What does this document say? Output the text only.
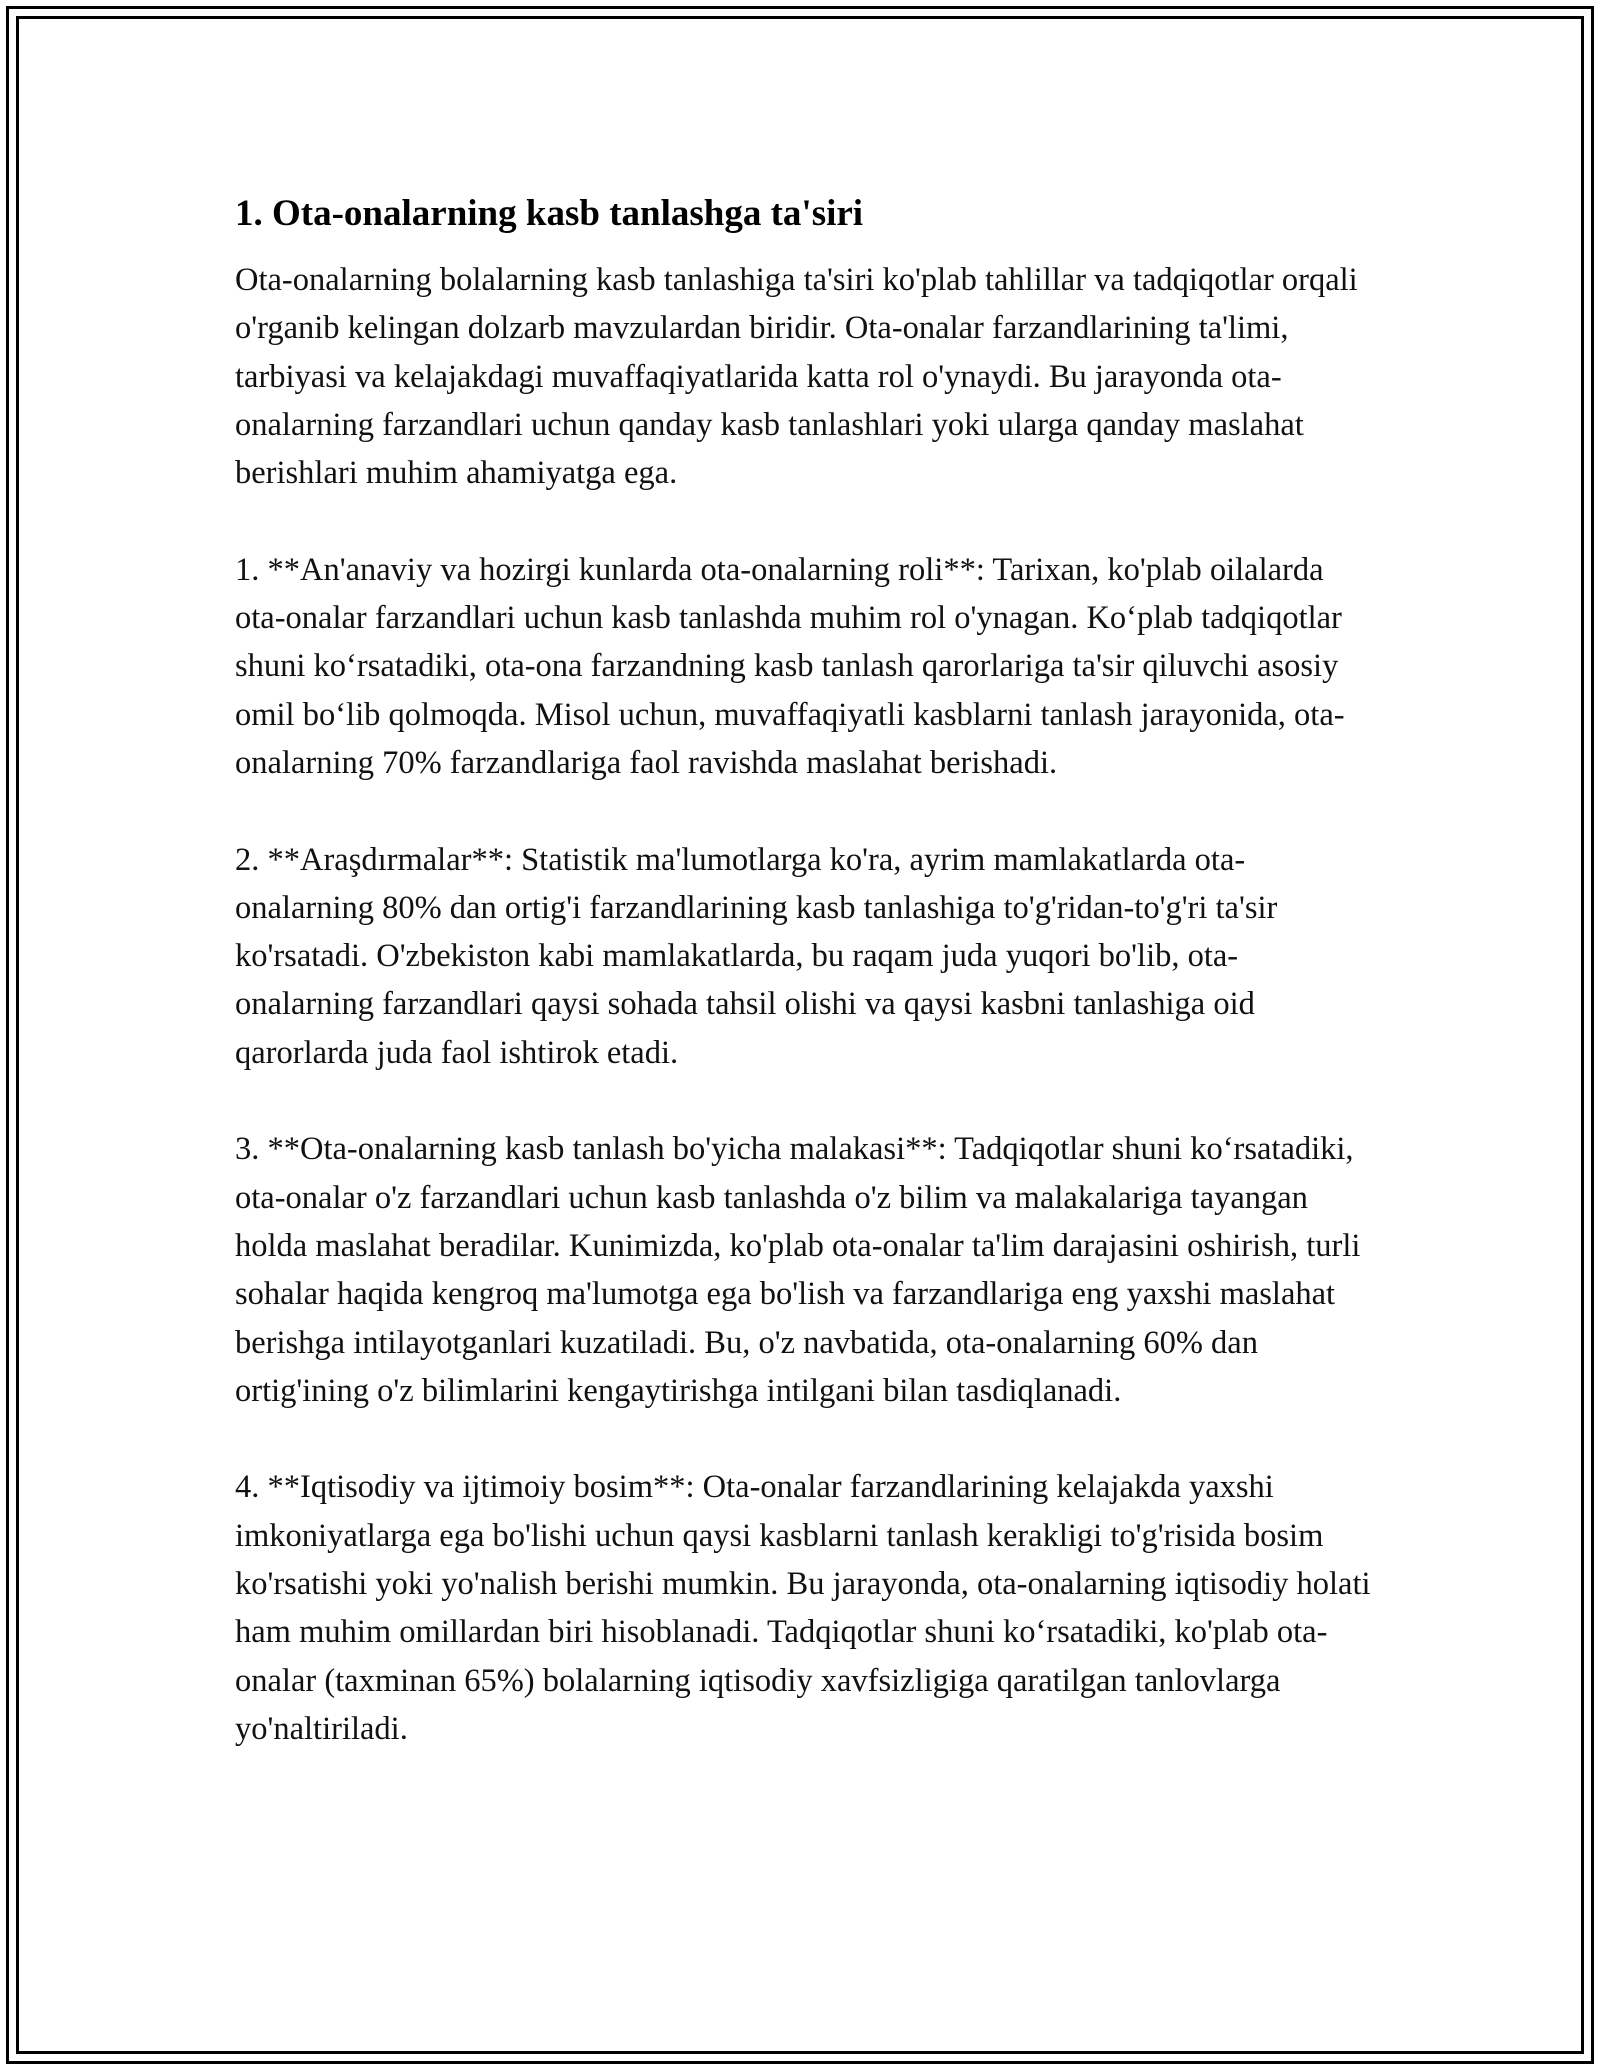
1. Ota-onalarning kasb tanlashga ta's​iri

Ota-onalarning bolalarning kasb tanlashiga ta'siri ko'plab tahlillar va tadqiqotlar orqali o'rganib kelingan dolzarb mavzulardan biridir. Ota-onalar farzandlarining ta'limi, tarbiyasi va kelajakdagi muvaffaqiyatlarida katta rol o'ynaydi. Bu jarayonda ota-onalarning farzandlari uchun qanday kasb tanlashlari yoki ularga qanday maslahat berishlari muhim ahamiyatga ega.

1. **An'anaviy va hozirgi kunlarda ota-onalarning roli**: Tarixan, ko'plab oilalarda ota-onalar farzandlari uchun kasb tanlashda muhim rol o'ynagan. Ko‘plab tadqiqotlar shuni ko‘rsatadiki, ota-ona farzandning kasb tanlash qarorlariga ta'sir qiluvchi asosiy omil bo‘lib qolmoqda. Misol uchun, muvaffaqiyatli kasblarni tanlash jarayonida, ota-onalarning 70% farzandlariga faol ravishda maslahat berishadi.

2. **Araşdırmalar**: Statistik ma'lumotlarga ko'ra, ayrim mamlakatlarda ota-onalarning 80% dan ortig'i farzandlarining kasb tanlashiga to'g'ridan-to'g'ri ta'sir ko'rsatadi. O'zbekiston kabi mamlakatlarda, bu raqam juda yuqori bo'lib, ota-onalarning farzandlari qaysi sohada tahsil olishi va qaysi kasbni tanlashiga oid qarorlarda juda faol ishtirok etadi.

3. **Ota-onalarning kasb tanlash bo'yicha malakasi**: Tadqiqotlar shuni ko‘rsatadiki, ota-onalar o'z farzandlari uchun kasb tanlashda o'z bilim va malakalariga tayangan holda maslahat beradilar. Kunimizda, ko'plab ota-onalar ta'lim darajasini oshirish, turli sohalar haqida kengroq ma'lumotga ega bo'lish va farzandlariga eng yaxshi maslahat berishga intilayotganlari kuzatiladi. Bu, o'z navbatida, ota-onalarning 60% dan ortig'ining o'z bilimlarini kengaytirishga intilgani bilan tasdiqlanadi.

4. **Iqtisodiy va ijtimoiy bosim**: Ota-onalar farzandlarining kelajakda yaxshi imkoniyatlarga ega bo'lishi uchun qaysi kasblarni tanlash kerakligi to'g'risida bosim ko'rsatishi yoki yo'nalish berishi mumkin. Bu jarayonda, ota-onalarning iqtisodiy holati ham muhim omillardan biri hisoblanadi. Tadqiqotlar shuni ko‘rsatadiki, ko'plab ota-onalar (taxminan 65%) bolalarning iqtisodiy xavfsizligiga qaratilgan tanlovlarga yo'naltiriladi.
